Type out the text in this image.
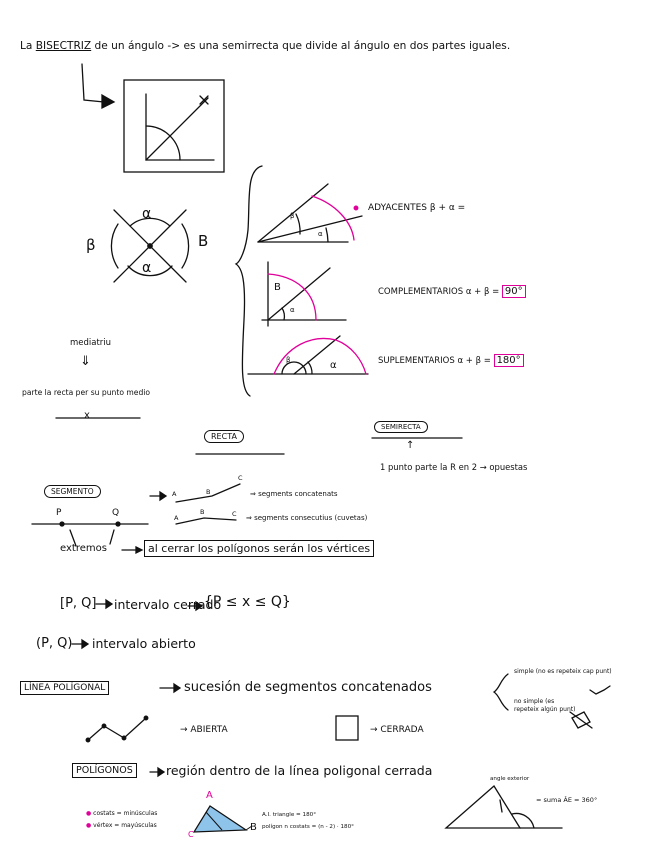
La BISECTRIZ de un ángulo -> es una semirrecta que divide al ángulo en dos partes iguales.
α
α
β	B
β
α
ADYACENTES β + α =
B
α
COMPLEMENTARIOS α + β = 90°
β	α	SUPLEMENTARIOS α + β = 180°
mediatriu
⇓
parte la recta per su punto medio
x
RECTA
SEMIRECTA
↑
1 punto parte la R en 2 → opuestas
SEGMENTO
P	Q
A	B
C
A
B	C
⇒ segments concatenats
⇒ segments consecutius (cuvetas)
extremos	al cerrar los polígonos serán los vértices
[P, Q] intervalo cerrado
{P ≤ x ≤ Q}
(P, Q) intervalo abierto
LÍNEA POLÍGONAL	sucesión de segmentos concatenados
simple (no es repeteix cap punt)
no simple (es repeteix algún punt)
→ ABIERTA	→ CERRADA
POLÍGONOS	región dentro de la línea poligonal cerrada
● costats = minúsculas
● vértex = mayúsculas
A
C
B
A.I. triangle = 180°
polígon n costats = (n - 2) · 180°
angle exterior
= suma ÂE = 360°
